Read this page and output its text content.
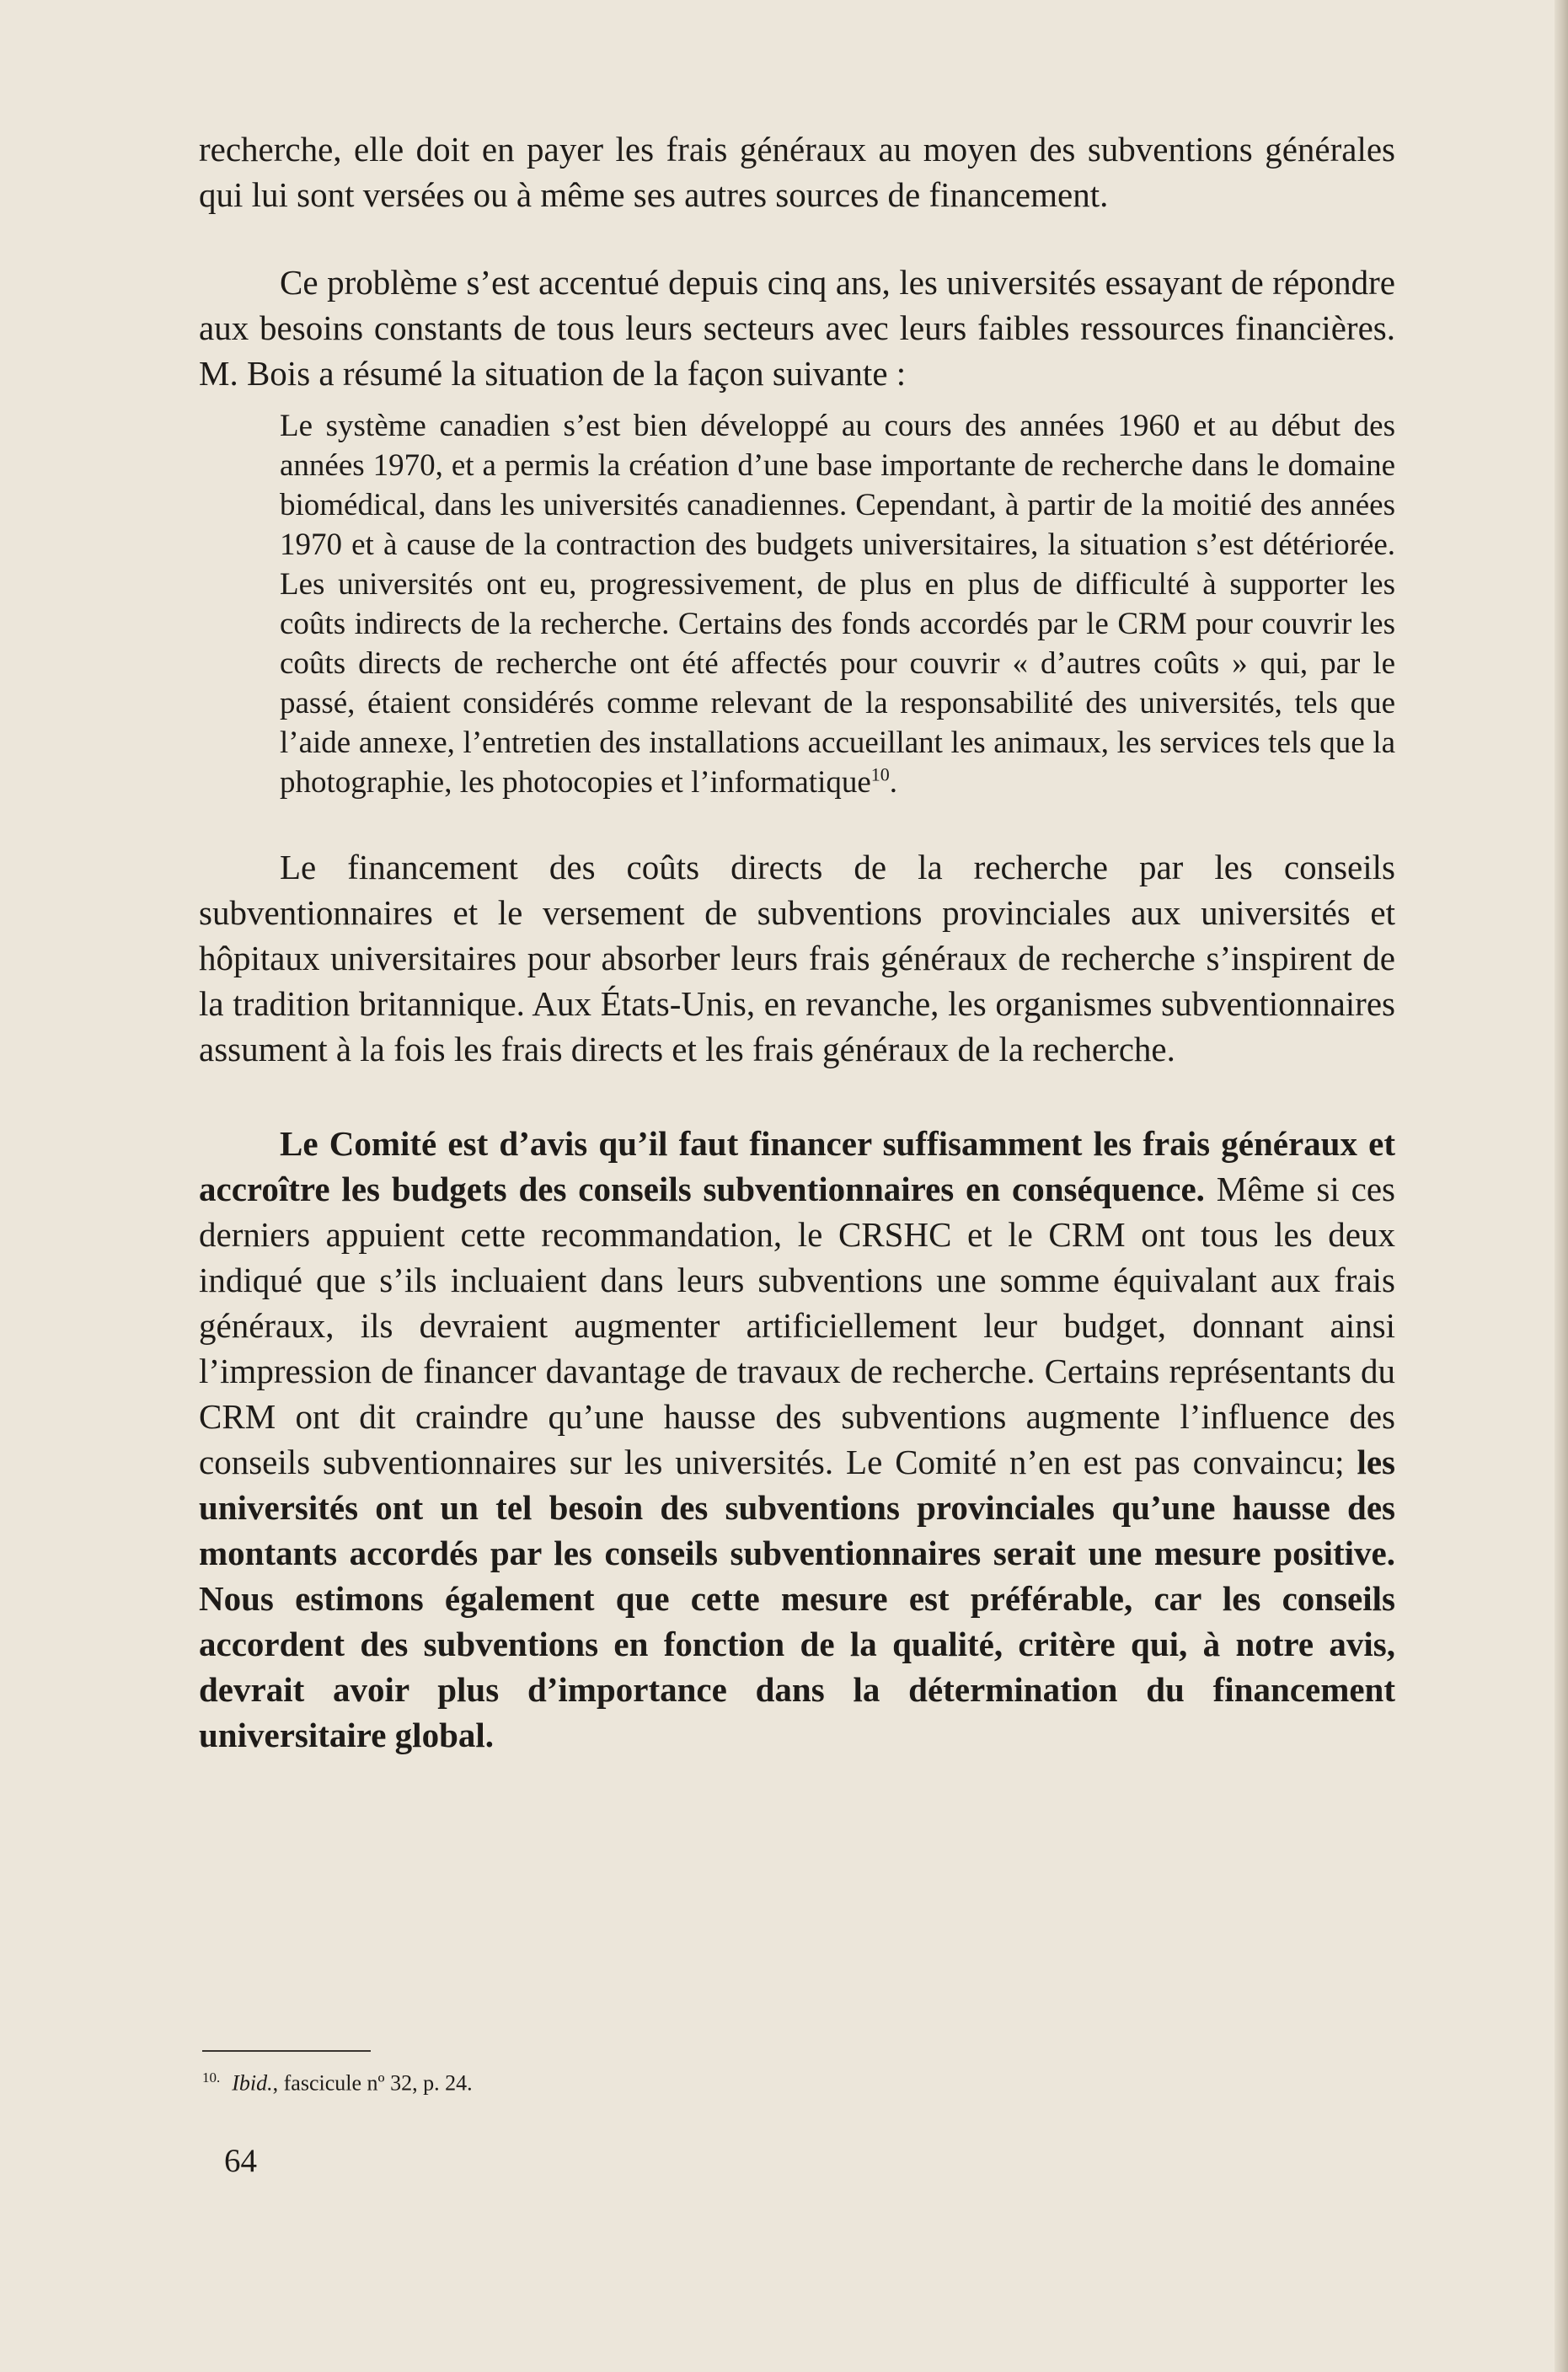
recherche, elle doit en payer les frais généraux au moyen des subventions générales qui lui sont versées ou à même ses autres sources de financement.

Ce problème s’est accentué depuis cinq ans, les universités essayant de répondre aux besoins constants de tous leurs secteurs avec leurs faibles ressources financières. M. Bois a résumé la situation de la façon suivante :

Le système canadien s’est bien développé au cours des années 1960 et au début des années 1970, et a permis la création d’une base importante de recherche dans le domaine biomédical, dans les universités canadiennes. Cependant, à partir de la moitié des années 1970 et à cause de la contraction des budgets universitaires, la situation s’est détériorée. Les universités ont eu, progressivement, de plus en plus de difficulté à supporter les coûts indirects de la recherche. Certains des fonds accordés par le CRM pour couvrir les coûts directs de recherche ont été affectés pour couvrir « d’autres coûts » qui, par le passé, étaient considérés comme relevant de la responsabilité des universités, tels que l’aide annexe, l’entretien des installations accueillant les animaux, les services tels que la photographie, les photocopies et l’informatique$^{10}$.

Le financement des coûts directs de la recherche par les conseils subventionnaires et le versement de subventions provinciales aux universités et hôpitaux universitaires pour absorber leurs frais généraux de recherche s’inspirent de la tradition britannique. Aux États-Unis, en revanche, les organismes subventionnaires assument à la fois les frais directs et les frais généraux de la recherche.

Le Comité est d’avis qu’il faut financer suffisamment les frais généraux et accroître les budgets des conseils subventionnaires en conséquence. Même si ces derniers appuient cette recommandation, le CRSHC et le CRM ont tous les deux indiqué que s’ils incluaient dans leurs subventions une somme équivalant aux frais généraux, ils devraient augmenter artificiellement leur budget, donnant ainsi l’impression de financer davantage de travaux de recherche. Certains représentants du CRM ont dit craindre qu’une hausse des subventions augmente l’influence des conseils subventionnaires sur les universités. Le Comité n’en est pas convaincu; les universités ont un tel besoin des subventions provinciales qu’une hausse des montants accordés par les conseils subventionnaires serait une mesure positive. Nous estimons également que cette mesure est préférable, car les conseils accordent des subventions en fonction de la qualité, critère qui, à notre avis, devrait avoir plus d’importance dans la détermination du financement universitaire global.

$^{10.}$ Ibid., fascicule nº 32, p. 24.
64
